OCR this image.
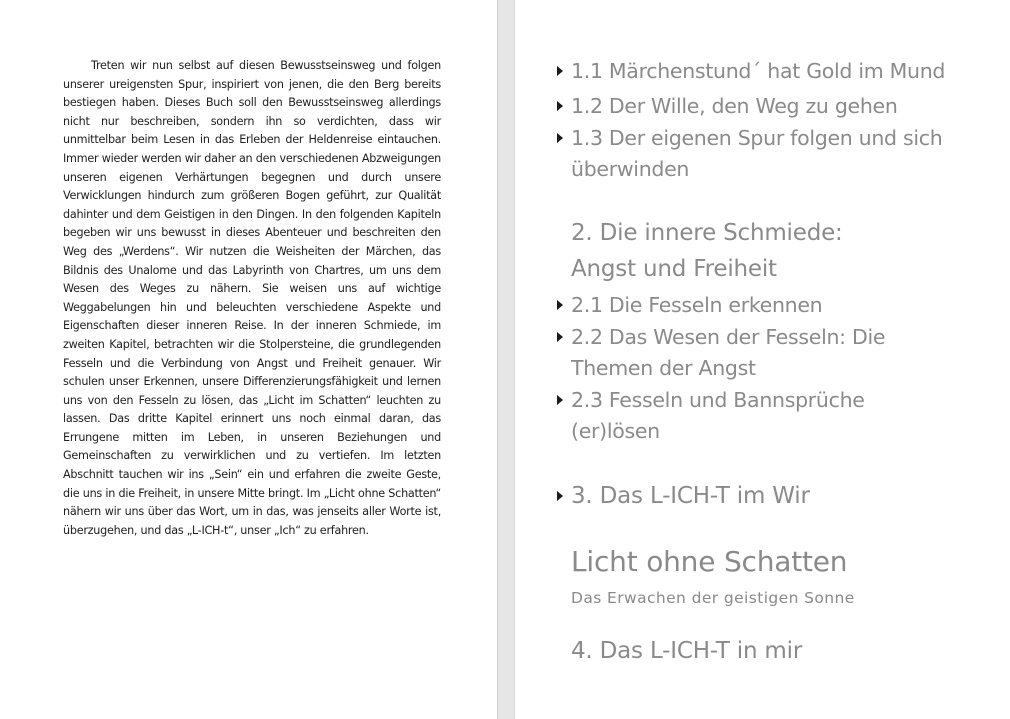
Treten wir nun selbst auf diesen Bewusstseinsweg und folgen unserer ureigensten Spur, inspiriert von jenen, die den Berg bereits bestiegen haben. Dieses Buch soll den Bewusstseinsweg allerdings nicht nur beschreiben, sondern ihn so verdichten, dass wir unmittelbar beim Lesen in das Erleben der Heldenreise eintauchen. Immer wieder werden wir daher an den verschiedenen Abzweigungen unseren eigenen Verhärtungen begegnen und durch unsere Verwicklungen hindurch zum größeren Bogen geführt, zur Qualität dahinter und dem Geistigen in den Dingen. In den folgenden Kapiteln begeben wir uns bewusst in dieses Abenteuer und beschreiten den Weg des „Werdens“. Wir nutzen die Weisheiten der Märchen, das Bildnis des Unalome und das Labyrinth von Chartres, um uns dem Wesen des Weges zu nähern. Sie weisen uns auf wichtige Weggabelungen hin und beleuchten verschiedene Aspekte und Eigenschaften dieser inneren Reise. In der inneren Schmiede, im zweiten Kapitel, betrachten wir die Stolpersteine, die grundlegenden Fesseln und die Verbindung von Angst und Freiheit genauer. Wir schulen unser Erkennen, unsere Differenzierungsfähigkeit und lernen uns von den Fesseln zu lösen, das „Licht im Schatten“ leuchten zu lassen. Das dritte Kapitel erinnert uns noch einmal daran, das Errungene mitten im Leben, in unseren Beziehungen und Gemeinschaften zu verwirklichen und zu vertiefen. Im letzten Abschnitt tauchen wir ins „Sein“ ein und erfahren die zweite Geste, die uns in die Freiheit, in unsere Mitte bringt. Im „Licht ohne Schatten“ nähern wir uns über das Wort, um in das, was jenseits aller Worte ist, überzugehen, und das „L-ICH-t“, unser „Ich“ zu erfahren.

1.1 Märchenstund´ hat Gold im Mund
1.2 Der Wille, den Weg zu gehen
1.3 Der eigenen Spur folgen und sich
überwinden
2. Die innere Schmiede:
Angst und Freiheit
2.1 Die Fesseln erkennen
2.2 Das Wesen der Fesseln: Die
Themen der Angst
2.3 Fesseln und Bannsprüche
(er)lösen
3. Das L-ICH-T im Wir
Licht ohne Schatten
Das Erwachen der geistigen Sonne
4. Das L-ICH-T in mir
